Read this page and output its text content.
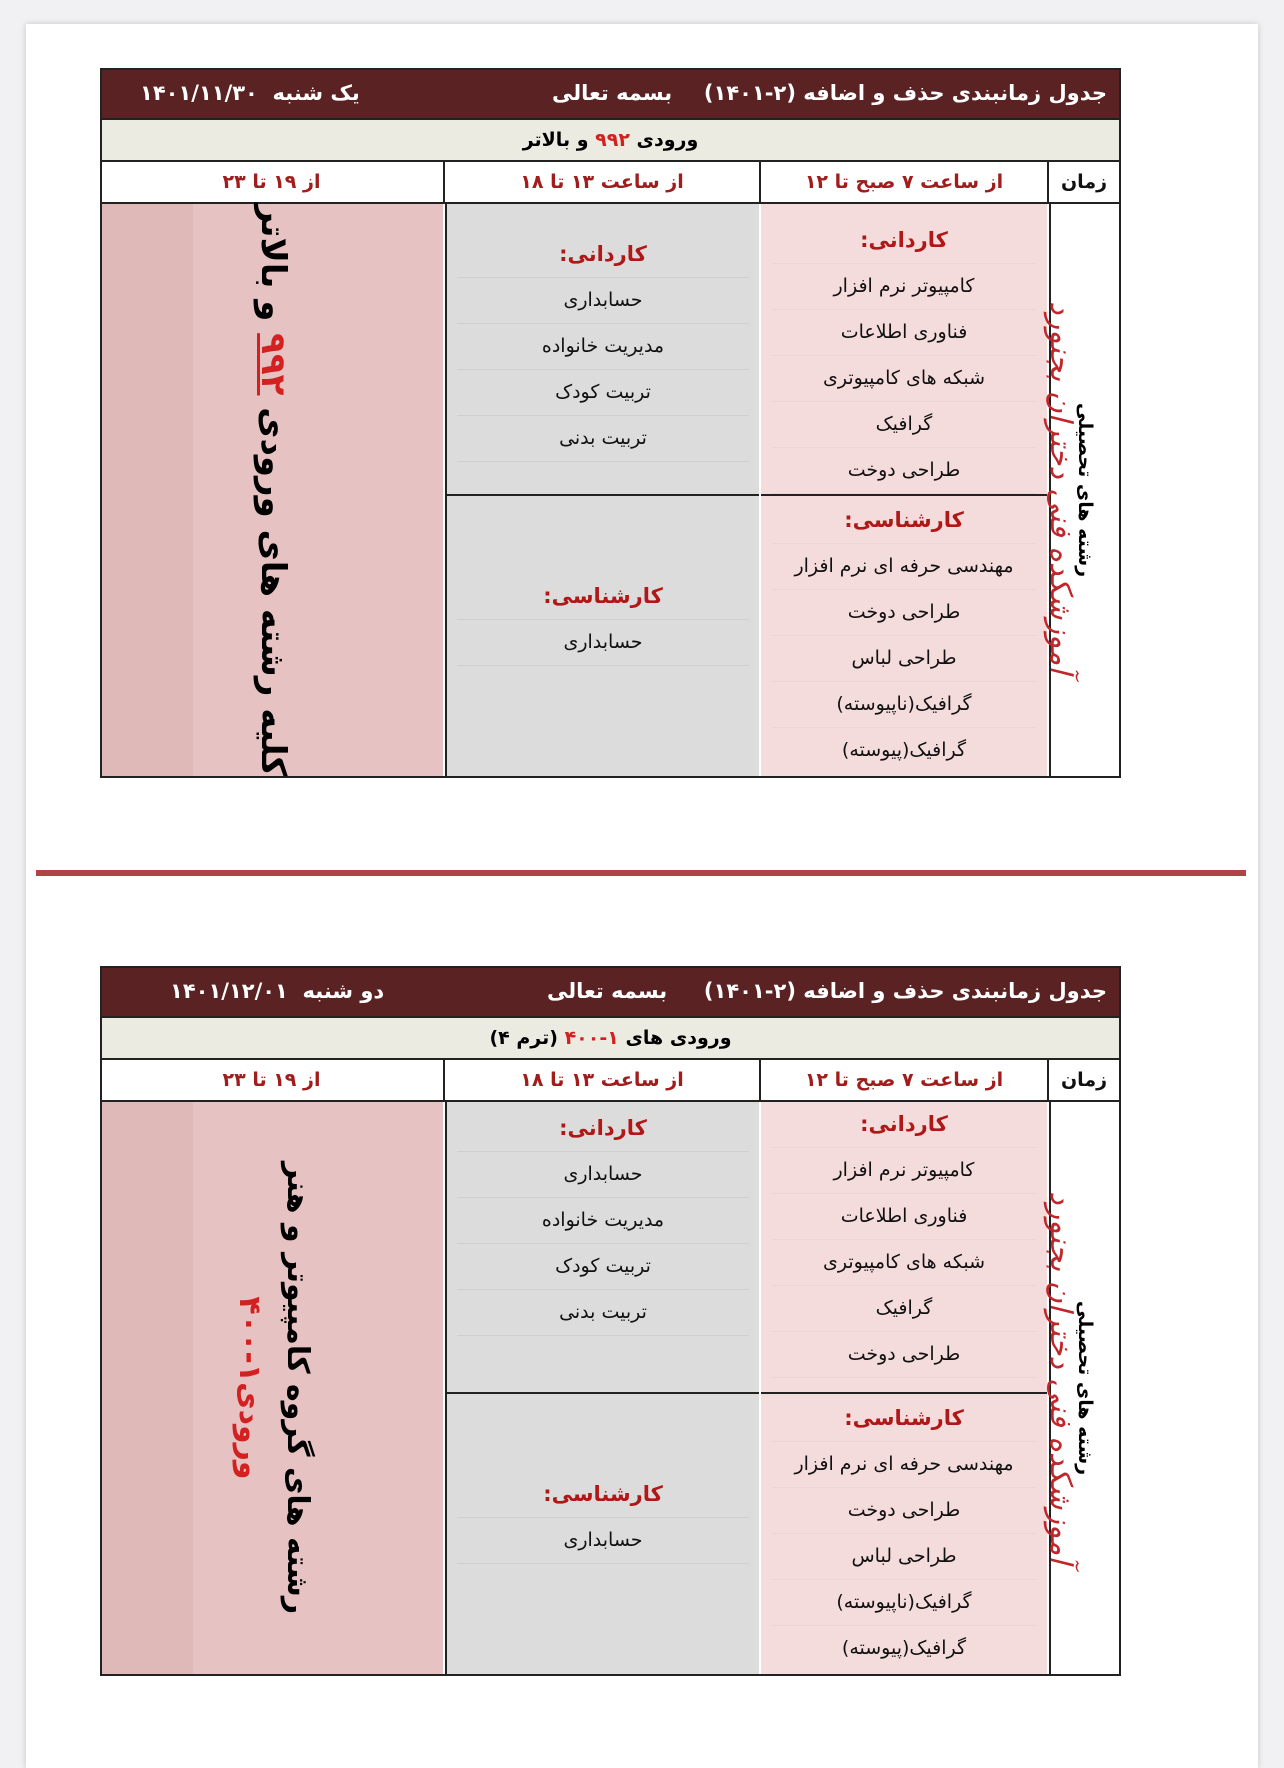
جدول زمانبندی حذف و اضافه (۲-۱۴۰۱)
بسمه تعالی
یک شنبه  ۱۴۰۱/۱۱/۳۰
ورودی ۹۹۲ و بالاتر
زمان
از ساعت ۷ صبح تا ۱۲
از ساعت ۱۳ تا ۱۸
از ۱۹ تا ۲۳
رشته های تحصیلی
کاردانی:
کامپیوتر نرم افزار
فناوری اطلاعات
شبکه های کامپیوتری
گرافیک
طراحی دوخت
کارشناسی:
مهندسی حرفه ای نرم افزار
طراحی دوخت
طراحی لباس
گرافیک(ناپیوسته)
گرافیک(پیوسته)
کاردانی:
حسابداری
مدیریت خانواده
تربیت کودک
تربیت بدنی
کارشناسی:
حسابداری
کلیه رشته های ورودی ۹۹۲ و بالاتر
آموزشکده فنی دختران بجنورد
جدول زمانبندی حذف و اضافه (۲-۱۴۰۱)
بسمه تعالی
دو شنبه  ۱۴۰۱/۱۲/۰۱
ورودی های ۱-۴۰۰ (ترم ۴)
زمان
از ساعت ۷ صبح تا ۱۲
از ساعت ۱۳ تا ۱۸
از ۱۹ تا ۲۳
رشته های تحصیلی
کاردانی:
کامپیوتر نرم افزار
فناوری اطلاعات
شبکه های کامپیوتری
گرافیک
طراحی دوخت
کارشناسی:
مهندسی حرفه ای نرم افزار
طراحی دوخت
طراحی لباس
گرافیک(ناپیوسته)
گرافیک(پیوسته)
کاردانی:
حسابداری
مدیریت خانواده
تربیت کودک
تربیت بدنی
کارشناسی:
حسابداری
رشته های گروه کامپیوتر و هنر
ورودی۱-۴۰۰	آموزشکده فنی دختران بجنورد
